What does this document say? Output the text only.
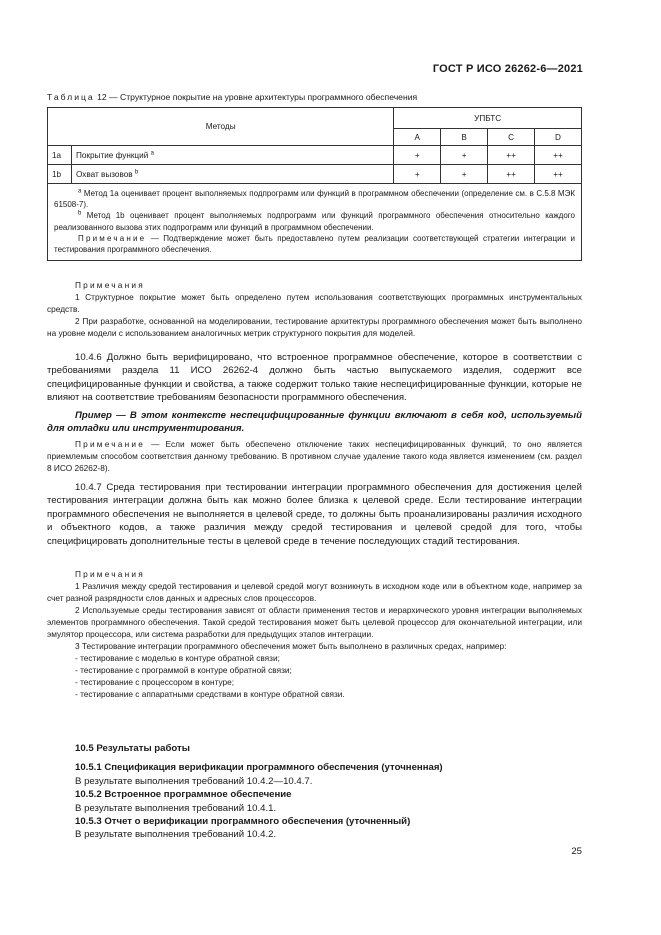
ГОСТ Р ИСО 26262-6—2021
Таблица 12 — Структурное покрытие на уровне архитектуры программного обеспечения
Методы		УПБТС			
		A	B	C	D
1a	Покрытие функций $^a$	+	+	++	++
1b	Охват вызовов $^b$	+	+	++	++

$^a$ Метод 1a оценивает процент выполняемых подпрограмм или функций в программном обеспечении (определение см. в С.5.8 МЭК 61508-7).
$^b$ Метод 1b оценивает процент выполняемых подпрограмм или функций программного обеспечения относительно каждого реализованного вызова этих подпрограмм или функций в программном обеспечении.
Примечание — Подтверждение может быть предоставлено путем реализации соответствующей стратегии интеграции и тестирования программного обеспечения.					
Примечания
1 Структурное покрытие может быть определено путем использования соответствующих программных инструментальных средств.
2 При разработке, основанной на моделировании, тестирование архитектуры программного обеспечения может быть выполнено на уровне модели с использованием аналогичных метрик структурного покрытия для моделей.
10.4.6 Должно быть верифицировано, что встроенное программное обеспечение, которое в соответствии с требованиями раздела 11 ИСО 26262-4 должно быть частью выпускаемого изделия, содержит все специфицированные функции и свойства, а также содержит только такие неспецифицированные функции, которые не влияют на соответствие требованиям безопасности программного обеспечения.
Пример — В этом контексте неспецифицированные функции включают в себя код, используемый для отладки или инструментирования.
Примечание — Если может быть обеспечено отключение таких неспецифицированных функций, то оно является приемлемым способом соответствия данному требованию. В противном случае удаление такого кода является изменением (см. раздел 8 ИСО 26262-8).
10.4.7 Среда тестирования при тестировании интеграции программного обеспечения для достижения целей тестирования интеграции должна быть как можно более близка к целевой среде. Если тестирование интеграции программного обеспечения не выполняется в целевой среде, то должны быть проанализированы различия исходного и объектного кодов, а также различия между средой тестирования и целевой средой для того, чтобы специфицировать дополнительные тесты в целевой среде в течение последующих стадий тестирования.
Примечания
1 Различия между средой тестирования и целевой средой могут возникнуть в исходном коде или в объектном коде, например за счет разной разрядности слов данных и адресных слов процессоров.
2 Используемые среды тестирования зависят от области применения тестов и иерархического уровня интеграции выполняемых элементов программного обеспечения. Такой средой тестирования может быть целевой процессор для окончательной интеграции, или эмулятор процессора, или система разработки для предыдущих этапов интеграции.
3 Тестирование интеграции программного обеспечения может быть выполнено в различных средах, например:
- тестирование с моделью в контуре обратной связи;
- тестирование с программой в контуре обратной связи;
- тестирование с процессором в контуре;
- тестирование с аппаратными средствами в контуре обратной связи.
10.5 Результаты работы
10.5.1 Спецификация верификации программного обеспечения (уточненная)
В результате выполнения требований 10.4.2—10.4.7.
10.5.2 Встроенное программное обеспечение
В результате выполнения требований 10.4.1.
10.5.3 Отчет о верификации программного обеспечения (уточненный)
В результате выполнения требований 10.4.2.
25
